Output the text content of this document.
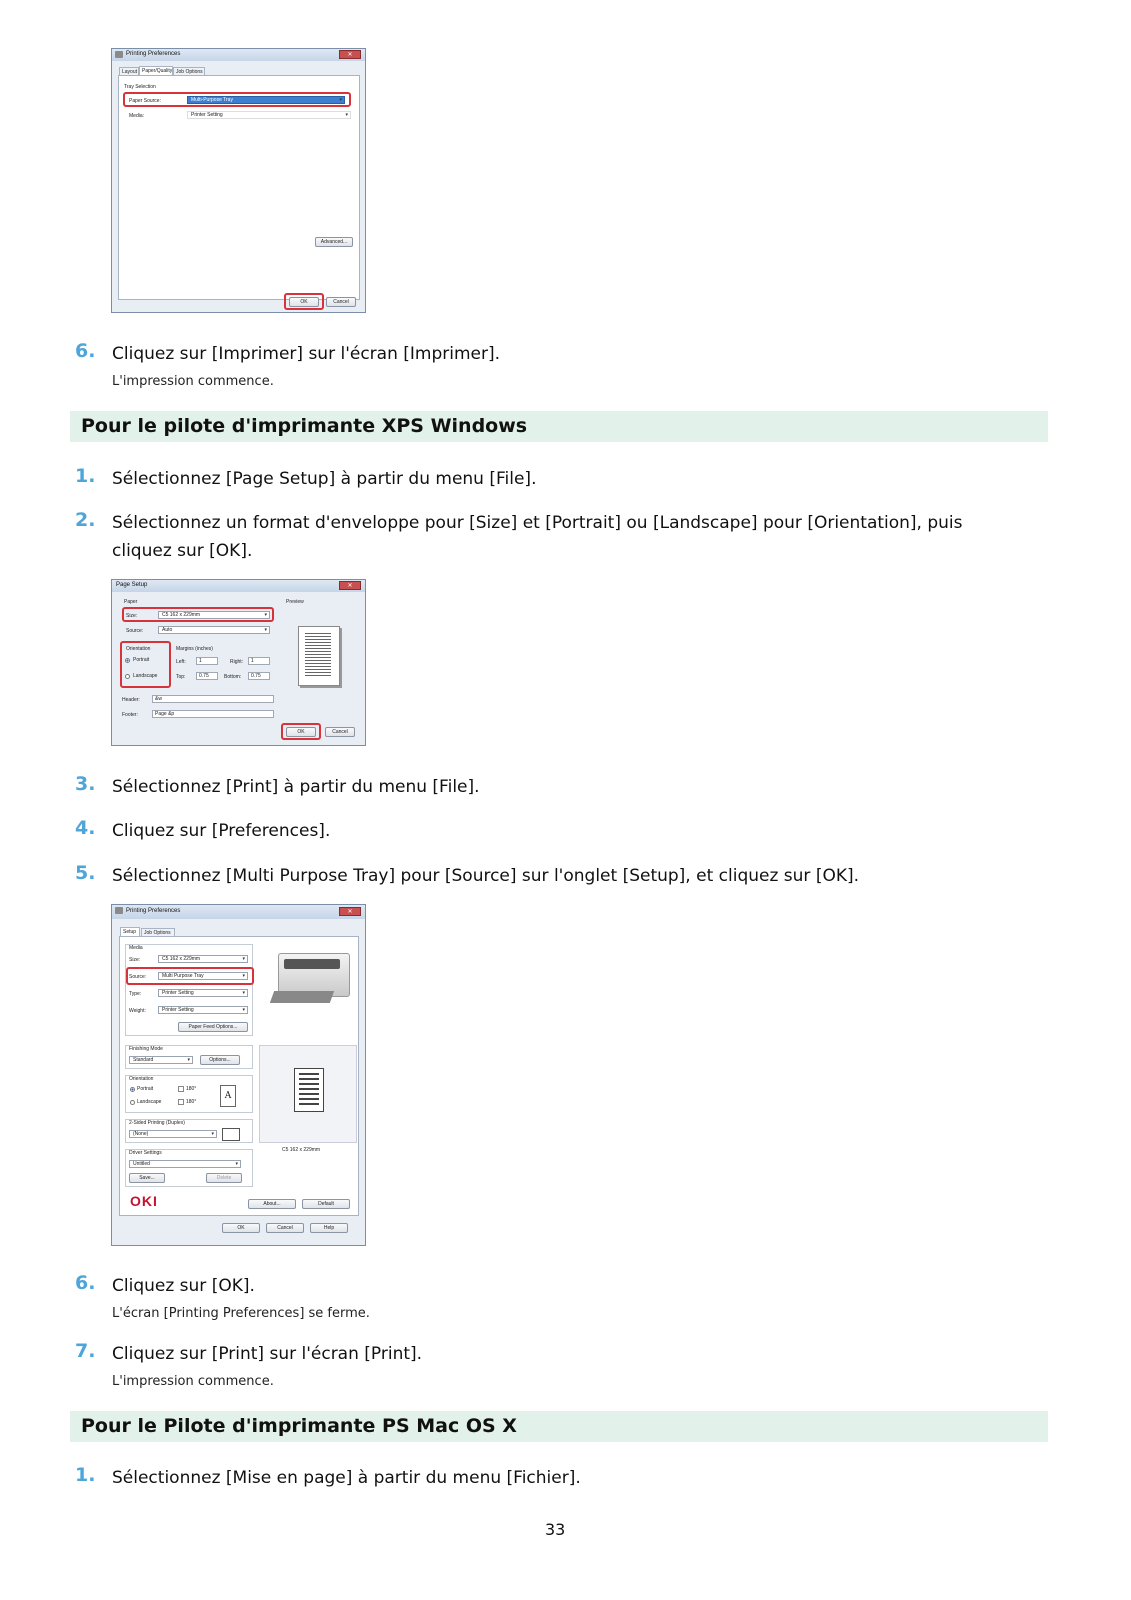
Printing Preferences	✕
Layout Paper/Quality Job Options
Tray Selection
Paper Source:	Multi-Purpose Tray ▾
Media:	Printer Setting ▾
Advanced...
OK	Cancel
6. Cliquez sur [Imprimer] sur l'écran [Imprimer].
L'impression commence.
Pour le pilote d'imprimante XPS Windows
1. Sélectionnez [Page Setup] à partir du menu [File].
2. Sélectionnez un format d'enveloppe pour [Size] et [Portrait] ou [Landscape] pour [Orientation], puis
cliquez sur [OK].
Page Setup	✕
Paper
Size:	C5 162 x 229mm ▾
Source:	Auto ▾
Orientation
Portrait
Landscape
Margins (inches)
Left:	1	Right:	1
Top:	0.75	Bottom:	0.75
Header:	&w
Footer:	Page &p
Preview
OK	Cancel
3. Sélectionnez [Print] à partir du menu [File].
4. Cliquez sur [Preferences].
5. Sélectionnez [Multi Purpose Tray] pour [Source] sur l'onglet [Setup], et cliquez sur [OK].
Printing Preferences	✕
Setup	Job Options
Media
Size:	C5 162 x 229mm ▾
Source:	Multi Purpose Tray ▾
Type:	Printer Setting ▾
Weight:	Printer Setting ▾
Paper Feed Options...
Finishing Mode
Standard ▾	Options...
Orientation
Portrait	180°
Landscape	180°
A
2-Sided Printing (Duplex)
(None) ▾
Driver Settings
Untitled ▾
Save...	Delete
C5 162 x 229mm
OKI	About...	Default
OK	Cancel	Help
6. Cliquez sur [OK].
L'écran [Printing Preferences] se ferme.
7. Cliquez sur [Print] sur l'écran [Print].
L'impression commence.
Pour le Pilote d'imprimante PS Mac OS X
1. Sélectionnez [Mise en page] à partir du menu [Fichier].
33
